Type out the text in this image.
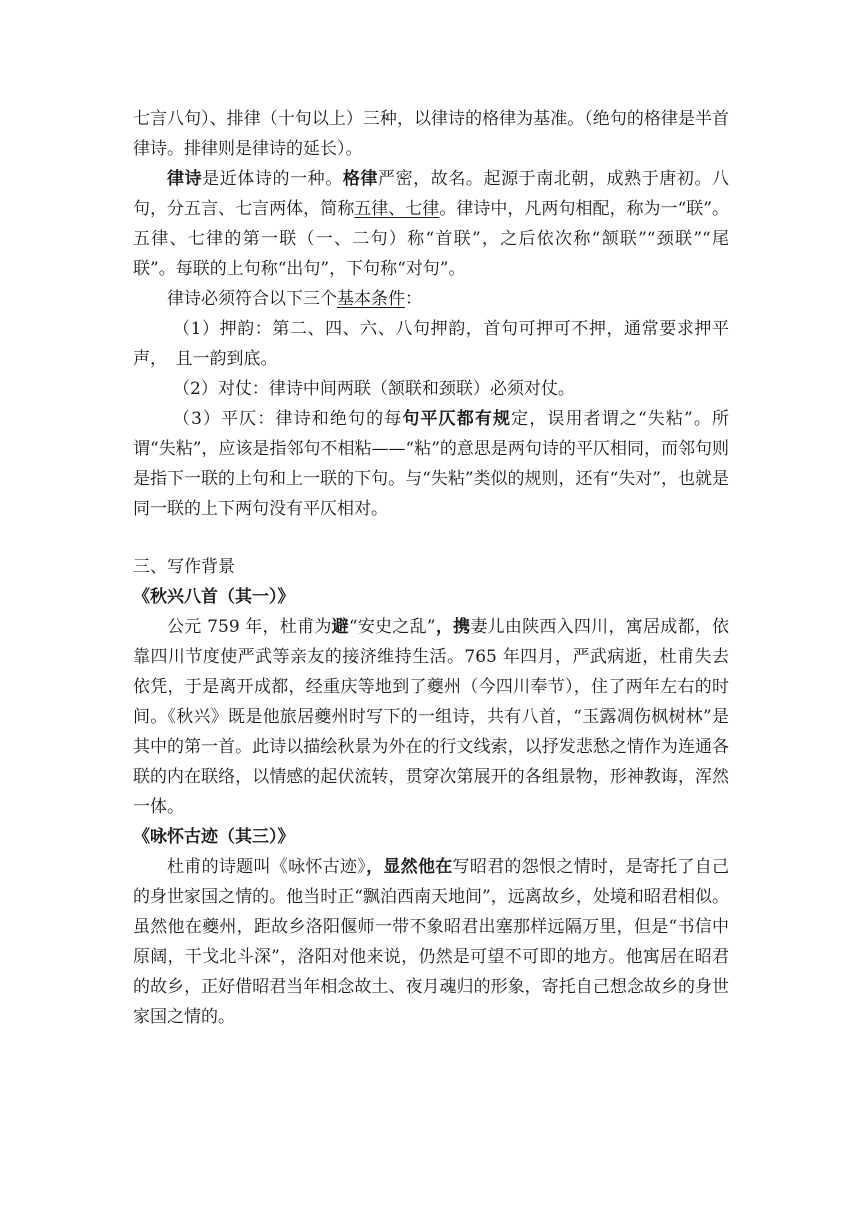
七言八句）、排律（十句以上）三种，以律诗的格律为基准。（绝句的格律是半首律诗。排律则是律诗的延长）。

律诗是近体诗的一种。格律严密，故名。起源于南北朝，成熟于唐初。八句，分五言、七言两体，简称五律、七律。律诗中，凡两句相配，称为一“联”。五律、七律的第一联（一、二句）称“首联”，之后依次称“颔联”“颈联”“尾联”。每联的上句称“出句”，下句称“对句”。

律诗必须符合以下三个基本条件：

（1）押韵：第二、四、六、八句押韵，首句可押可不押，通常要求押平声，　且一韵到底。

（2）对仗：律诗中间两联（颔联和颈联）必须对仗。

（3）平仄：律诗和绝句的每句平仄都有规定，误用者谓之“失粘”。所谓“失粘”，应该是指邻句不相粘——“粘”的意思是两句诗的平仄相同，而邻句则是指下一联的上句和上一联的下句。与“失粘”类似的规则，还有“失对”，也就是同一联的上下两句没有平仄相对。

三、写作背景

《秋兴八首（其一）》

公元 759 年，杜甫为避“安史之乱”，携妻儿由陕西入四川，寓居成都，依靠四川节度使严武等亲友的接济维持生活。765 年四月，严武病逝，杜甫失去依凭，于是离开成都，经重庆等地到了夔州（今四川奉节），住了两年左右的时间。《秋兴》既是他旅居夔州时写下的一组诗，共有八首，“玉露凋伤枫树林”是其中的第一首。此诗以描绘秋景为外在的行文线索，以抒发悲愁之情作为连通各联的内在联络，以情感的起伏流转，贯穿次第展开的各组景物，形神教诲，浑然一体。

《咏怀古迹（其三）》

杜甫的诗题叫《咏怀古迹》，显然他在写昭君的怨恨之情时，是寄托了自己的身世家国之情的。他当时正“飘泊西南天地间”，远离故乡，处境和昭君相似。虽然他在夔州，距故乡洛阳偃师一带不象昭君出塞那样远隔万里，但是“书信中原阔，干戈北斗深”，洛阳对他来说，仍然是可望不可即的地方。他寓居在昭君的故乡，正好借昭君当年相念故土、夜月魂归的形象，寄托自己想念故乡的身世家国之情的。
